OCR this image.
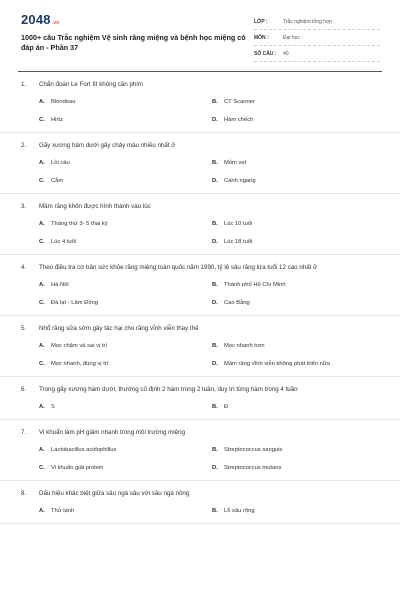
2048.vn
1000+ câu Trắc nghiệm Vệ sinh răng miệng và bệnh học miệng có đáp án - Phần 37
LỚP :	Trắc nghiệm tổng hợp
MÔN :	Đại học
SỐ CÂU :	40
1.	Chẩn đoán Le Fort III không cần phim
A.	Blondeau	B.	CT Scanner
C.	Hirtz	D.	Hàm chếch
2.	Gãy xương hàm dưới gây chảy máu nhiều nhất ở
A.	Lồi cầu	B.	Mỏm vẹt
C.	Cằm	D.	Cành ngang
3.	Mầm răng khôn được hình thành vào lúc
A.	Tháng thứ 3- 5 thai kỳ	B.	Lúc 10 tuổi
C.	Lúc 4 tuổi	D.	Lúc 18 tuổi
4.	Theo điều tra cơ bản sức khỏe răng miệng toàn quốc năm 1990, tỷ lệ sâu răng lứa tuổi 12 cao nhất ở
A.	Hà Nội	B.	Thành phố Hồ Chí Minh
C.	Đà lạt - Lâm Đồng	D.	Cao Bằng
5.	Nhổ răng sữa sớm gây tác hại cho răng vĩnh viễn thay thế
A.	Mọc chậm và sai vị trí	B.	Mọc nhanh hơn
C.	Mọc nhanh, đúng vị trí	D.	Mầm răng vĩnh viễn không phát triển nữa
6.	Trong gãy xương hàm dưới, thường cố định 2 hàm trong 2 tuần, duy trì từng hàm trong 4 tuần
A.	S	B.	Đ
7.	Vi khuẩn làm pH giảm nhanh trong môi trường miệng
A.	Lactobacillus acidophillus	B.	Streptococcus sanguis
C.	Vi khuẩn giải protein	D.	Streptococcus mutans
8.	Dấu hiệu khác biệt giữa sâu ngà sâu với sâu ngà nông
A.	Thử lạnh	B.	Lỗ sâu rộng
